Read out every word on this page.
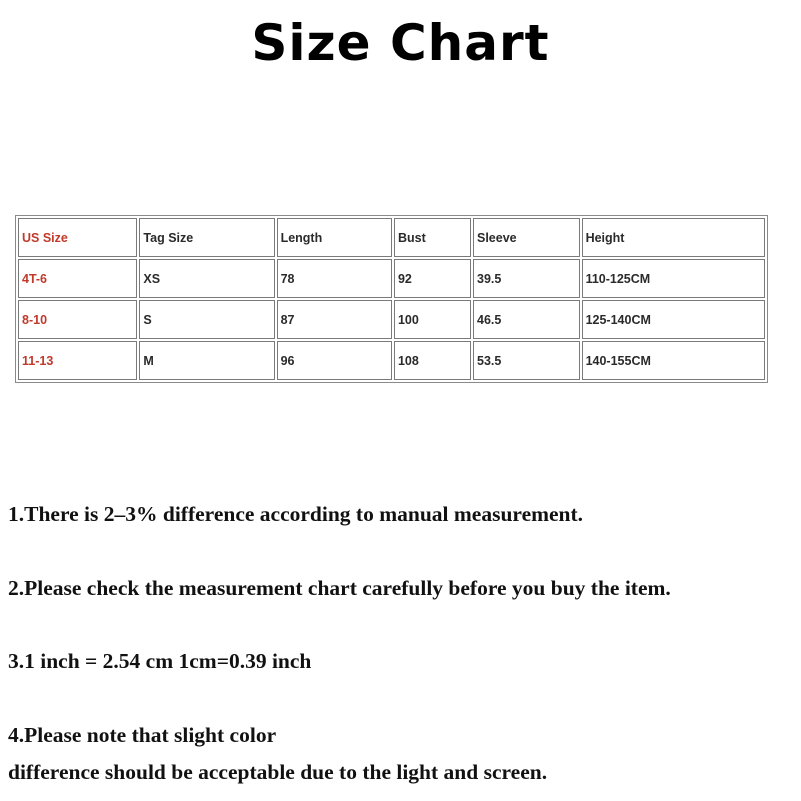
Size Chart
US Size	Tag Size	Length	Bust	Sleeve	Height
4T-6	XS	78	92	39.5	110-125CM
8-10	S	87	100	46.5	125-140CM
11-13	M	96	108	53.5	140-155CM
1.There is 2–3% difference according to manual measurement.
2.Please check the measurement chart carefully before you buy the item.
3.1 inch = 2.54 cm 1cm=0.39 inch
4.Please note that slight color
difference should be acceptable due to the light and screen.
